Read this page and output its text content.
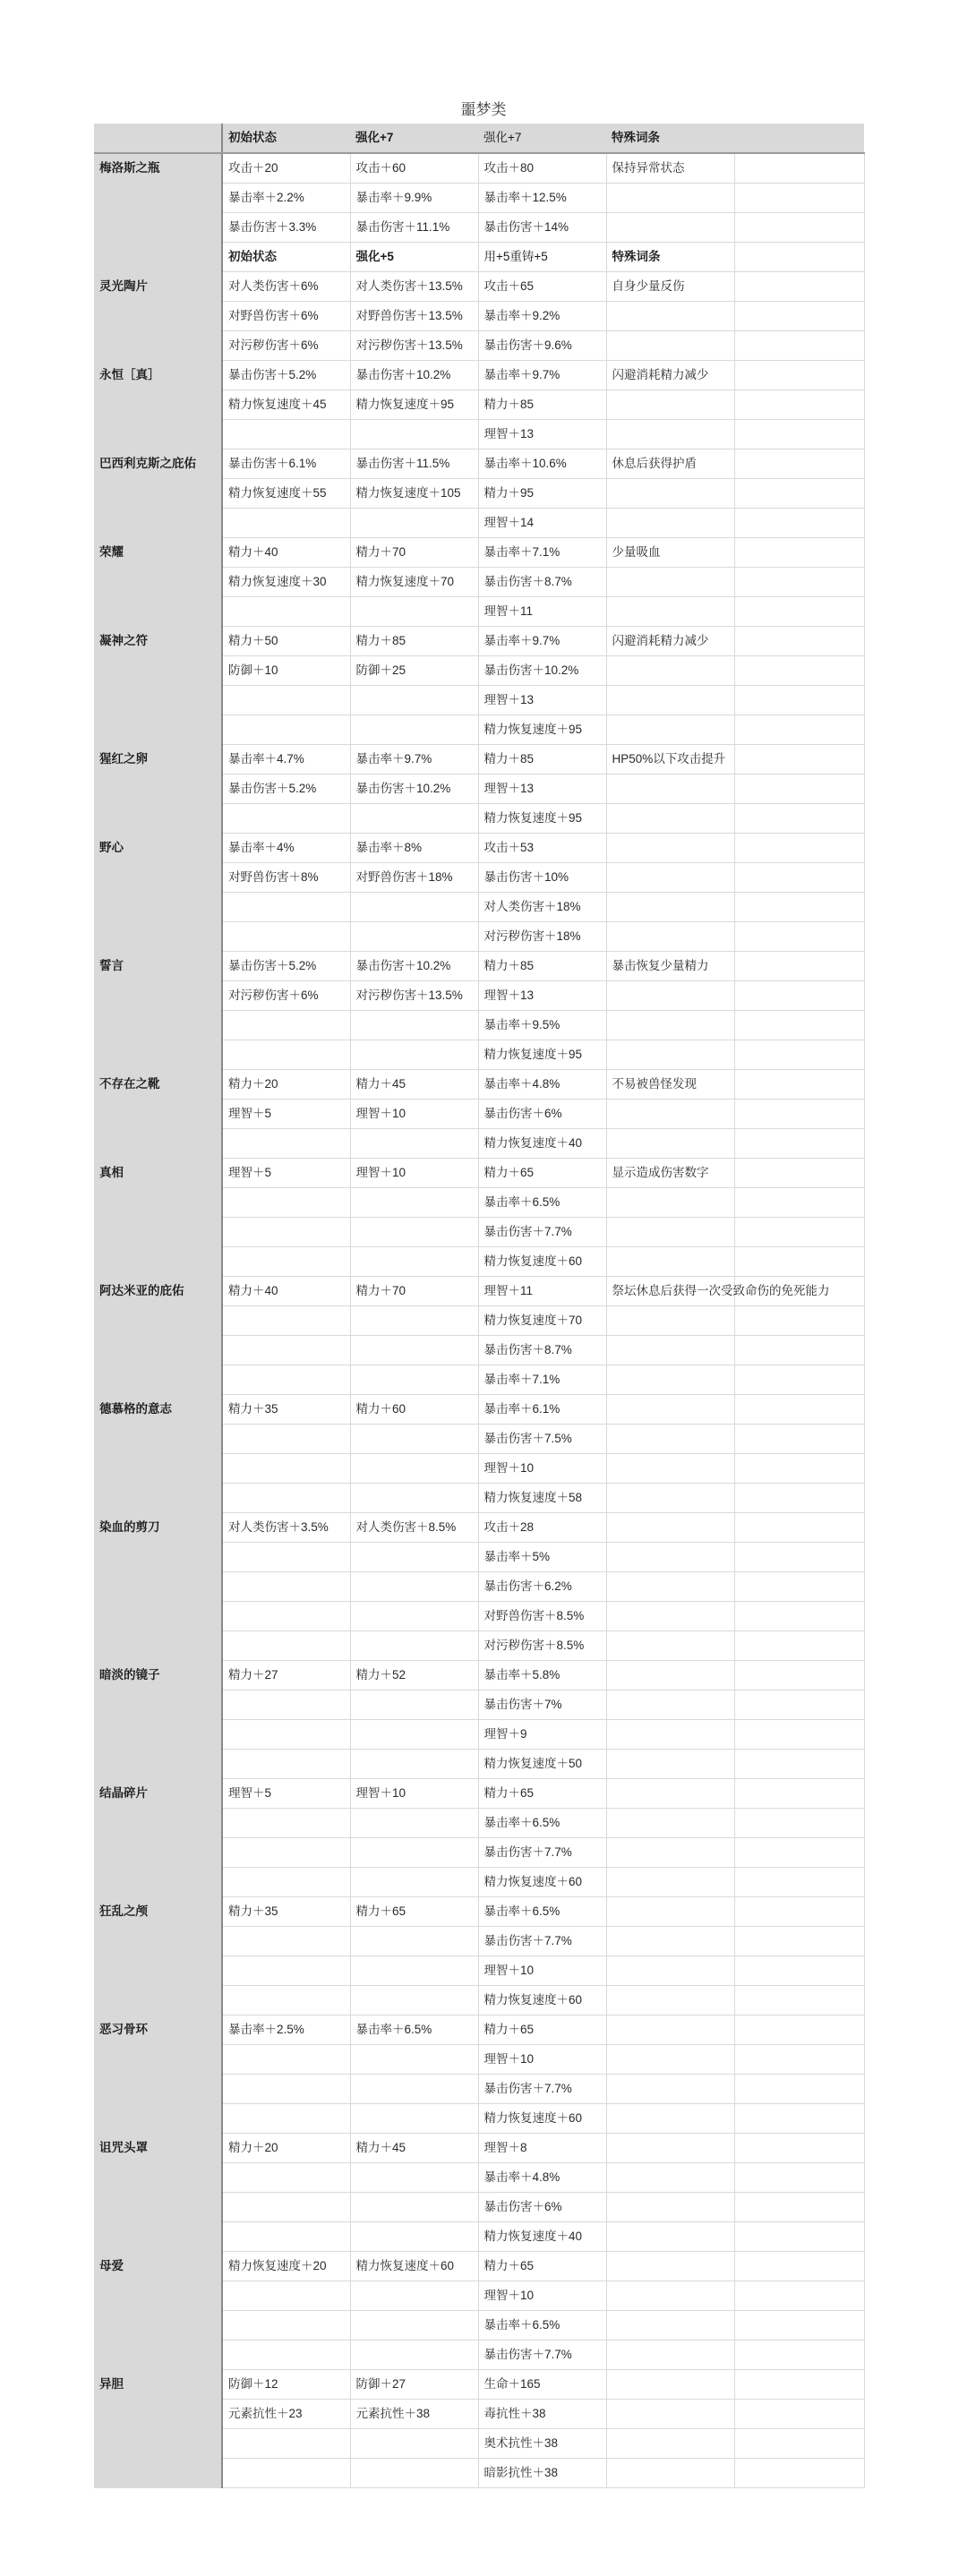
噩梦类
	初始状态	强化+7	强化+7	特殊词条	
梅洛斯之瓶	攻击＋20	攻击＋60	攻击＋80	保持异常状态	
	暴击率＋2.2%	暴击率＋9.9%	暴击率＋12.5%		
	暴击伤害＋3.3%	暴击伤害＋11.1%	暴击伤害＋14%		
	初始状态	强化+5	用+5重铸+5	特殊词条	
灵光陶片	对人类伤害＋6%	对人类伤害＋13.5%	攻击＋65	自身少量反伤	
	对野兽伤害＋6%	对野兽伤害＋13.5%	暴击率＋9.2%		
	对污秽伤害＋6%	对污秽伤害＋13.5%	暴击伤害＋9.6%		
永恒［真］	暴击伤害＋5.2%	暴击伤害＋10.2%	暴击率＋9.7%	闪避消耗精力减少	
	精力恢复速度＋45	精力恢复速度＋95	精力＋85		
			理智＋13		
巴西利克斯之庇佑	暴击伤害＋6.1%	暴击伤害＋11.5%	暴击率＋10.6%	休息后获得护盾	
	精力恢复速度＋55	精力恢复速度＋105	精力＋95		
			理智＋14		
荣耀	精力＋40	精力＋70	暴击率＋7.1%	少量吸血	
	精力恢复速度＋30	精力恢复速度＋70	暴击伤害＋8.7%		
			理智＋11		
凝神之符	精力＋50	精力＋85	暴击率＋9.7%	闪避消耗精力减少	
	防御＋10	防御＋25	暴击伤害＋10.2%		
			理智＋13		
			精力恢复速度＋95		
猩红之卵	暴击率＋4.7%	暴击率＋9.7%	精力＋85	HP50%以下攻击提升	
	暴击伤害＋5.2%	暴击伤害＋10.2%	理智＋13		
			精力恢复速度＋95		
野心	暴击率＋4%	暴击率＋8%	攻击＋53		
	对野兽伤害＋8%	对野兽伤害＋18%	暴击伤害＋10%		
			对人类伤害＋18%		
			对污秽伤害＋18%		
誓言	暴击伤害＋5.2%	暴击伤害＋10.2%	精力＋85	暴击恢复少量精力	
	对污秽伤害＋6%	对污秽伤害＋13.5%	理智＋13		
			暴击率＋9.5%		
			精力恢复速度＋95		
不存在之靴	精力＋20	精力＋45	暴击率＋4.8%	不易被兽怪发现	
	理智＋5	理智＋10	暴击伤害＋6%		
			精力恢复速度＋40		
真相	理智＋5	理智＋10	精力＋65	显示造成伤害数字	
			暴击率＋6.5%		
			暴击伤害＋7.7%		
			精力恢复速度＋60		
阿达米亚的庇佑	精力＋40	精力＋70	理智＋11	祭坛休息后获得一次受致命伤的免死能力	
			精力恢复速度＋70		
			暴击伤害＋8.7%		
			暴击率＋7.1%		
德慕格的意志	精力＋35	精力＋60	暴击率＋6.1%		
			暴击伤害＋7.5%		
			理智＋10		
			精力恢复速度＋58		
染血的剪刀	对人类伤害＋3.5%	对人类伤害＋8.5%	攻击＋28		
			暴击率＋5%		
			暴击伤害＋6.2%		
			对野兽伤害＋8.5%		
			对污秽伤害＋8.5%		
暗淡的镜子	精力＋27	精力＋52	暴击率＋5.8%		
			暴击伤害＋7%		
			理智＋9		
			精力恢复速度＋50		
结晶碎片	理智＋5	理智＋10	精力＋65		
			暴击率＋6.5%		
			暴击伤害＋7.7%		
			精力恢复速度＋60		
狂乱之颅	精力＋35	精力＋65	暴击率＋6.5%		
			暴击伤害＋7.7%		
			理智＋10		
			精力恢复速度＋60		
恶习骨环	暴击率＋2.5%	暴击率＋6.5%	精力＋65		
			理智＋10		
			暴击伤害＋7.7%		
			精力恢复速度＋60		
诅咒头罩	精力＋20	精力＋45	理智＋8		
			暴击率＋4.8%		
			暴击伤害＋6%		
			精力恢复速度＋40		
母爱	精力恢复速度＋20	精力恢复速度＋60	精力＋65		
			理智＋10		
			暴击率＋6.5%		
			暴击伤害＋7.7%		
异胆	防御＋12	防御＋27	生命＋165		
	元素抗性＋23	元素抗性＋38	毒抗性＋38		
			奥术抗性＋38		
			暗影抗性＋38		
